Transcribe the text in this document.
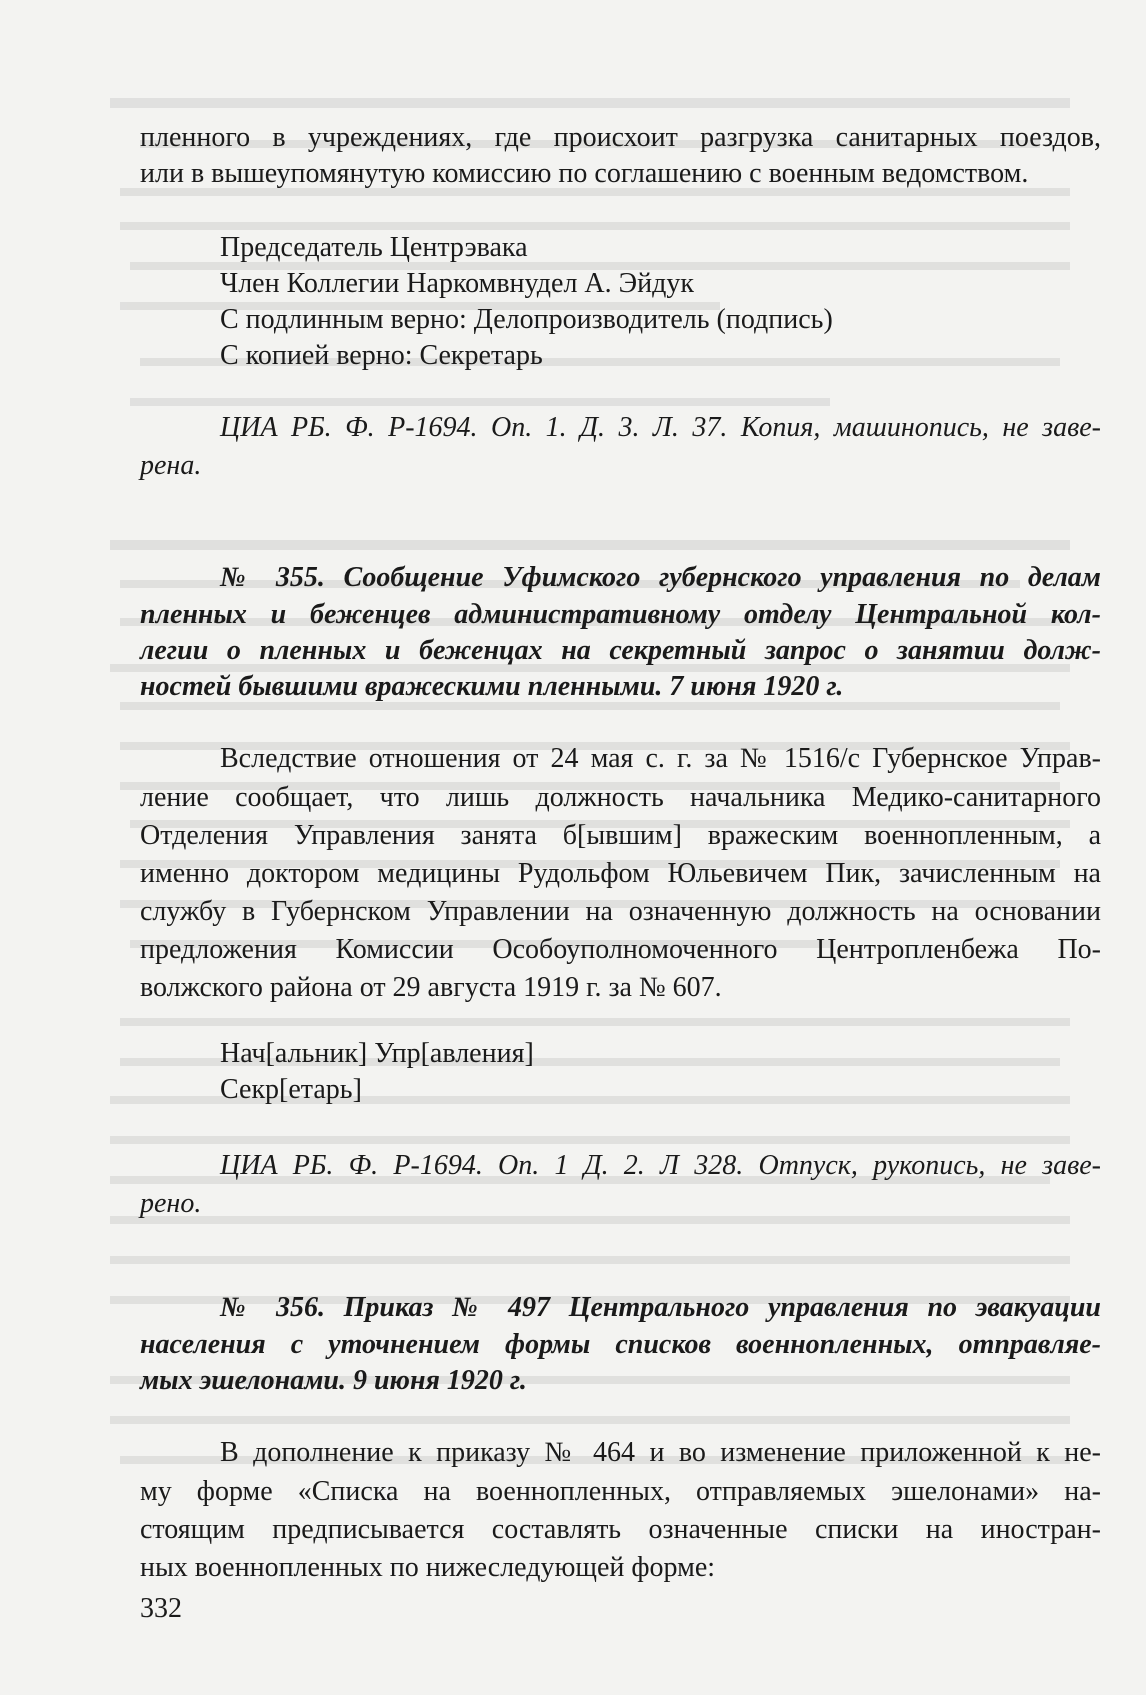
пленного в учреждениях, где происхоит разгрузка санитарных поездов,
или в вышеупомянутую комиссию по соглашению с военным ведомством.
Председатель Центрэвака
Член Коллегии Наркомвнудел А. Эйдук
С подлинным верно: Делопроизводитель (подпись)
С копией верно: Секретарь
ЦИА РБ. Ф. Р-1694. Оп. 1. Д. 3. Л. 37. Копия, машинопись, не заве-
рена.
№ 355. Сообщение Уфимского губернского управления по делам
пленных и беженцев административному отделу Центральной кол-
легии о пленных и беженцах на секретный запрос о занятии долж-
ностей бывшими вражескими пленными. 7 июня 1920 г.
Вследствие отношения от 24 мая с. г. за № 1516/с Губернское Управ-
ление сообщает, что лишь должность начальника Медико-санитарного
Отделения Управления занята б[ывшим] вражеским военнопленным, а
именно доктором медицины Рудольфом Юльевичем Пик, зачисленным на
службу в Губернском Управлении на означенную должность на основании
предложения Комиссии Особоуполномоченного Центропленбежа По-
волжского района от 29 августа 1919 г. за № 607.
Нач[альник] Упр[авления]
Секр[етарь]
ЦИА РБ. Ф. Р-1694. Оп. 1 Д. 2. Л 328. Отпуск, рукопись, не заве-
рено.
№ 356. Приказ № 497 Центрального управления по эвакуации
населения с уточнением формы списков военнопленных, отправляе-
мых эшелонами. 9 июня 1920 г.
В дополнение к приказу № 464 и во изменение приложенной к не-
му форме «Списка на военнопленных, отправляемых эшелонами» на-
стоящим предписывается составлять означенные списки на иностран-
ных военнопленных по нижеследующей форме:
332
